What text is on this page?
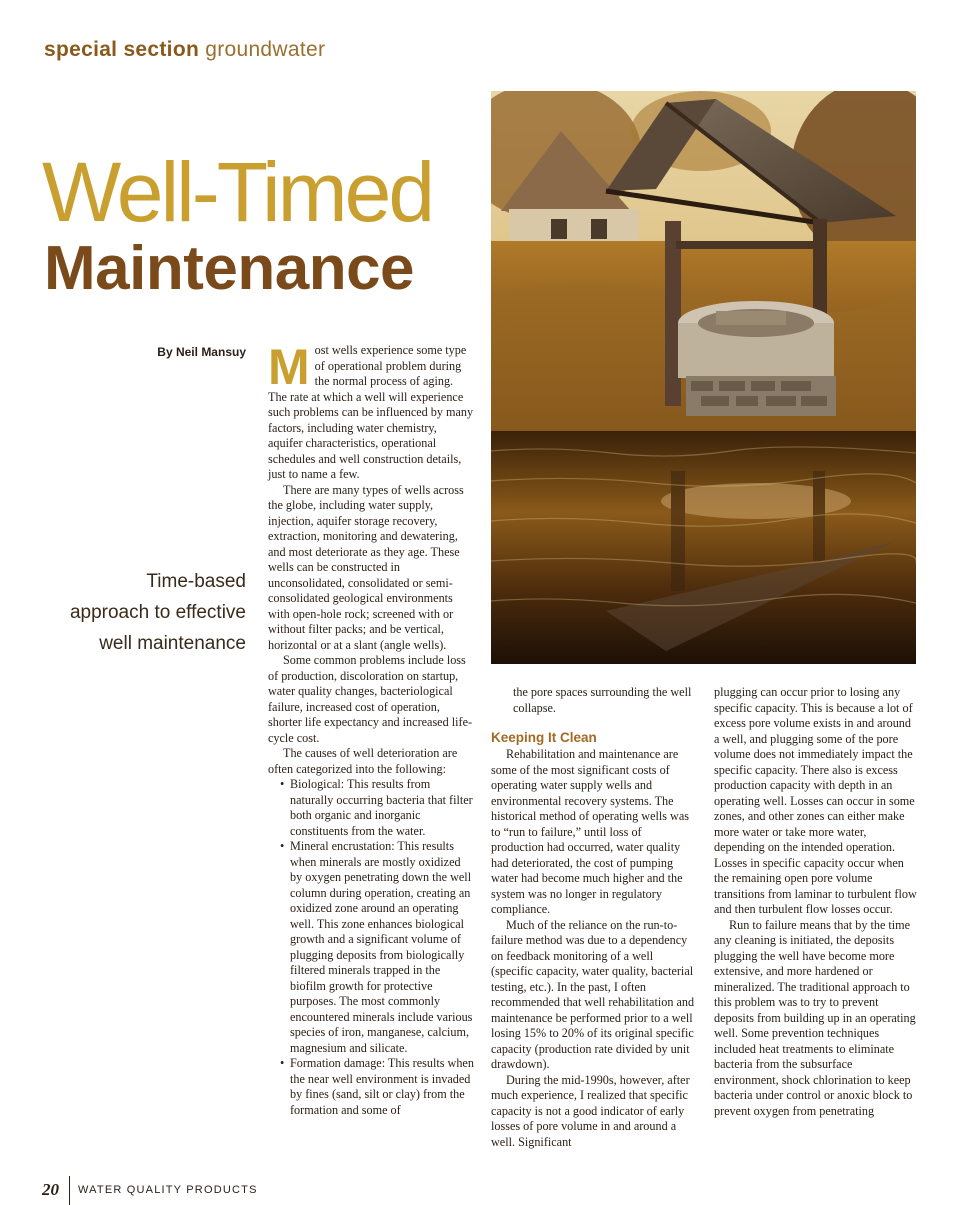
special section groundwater
Well-Timed
Maintenance
By Neil Mansuy
Time-based
approach to effective
well maintenance

Most wells experience some type of operational problem during the normal process of aging. The rate at which a well will experience such problems can be influenced by many factors, including water chemistry, aquifer characteristics, operational schedules and well construction details, just to name a few.

There are many types of wells across the globe, including water supply, injection, aquifer storage recovery, extraction, monitoring and dewatering, and most deteriorate as they age. These wells can be constructed in unconsolidated, consolidated or semi-consolidated geological environments with open-hole rock; screened with or without filter packs; and be vertical, horizontal or at a slant (angle wells).

Some common problems include loss of production, discoloration on startup, water quality changes, bacteriological failure, increased cost of operation, shorter life expectancy and increased life-cycle cost.

The causes of well deterioration are often categorized into the following:

• Biological: This results from naturally occurring bacteria that filter both organic and inorganic constituents from the water.
• Mineral encrustation: This results when minerals are mostly oxidized by oxygen penetrating down the well column during operation, creating an oxidized zone around an operating well. This zone enhances biological growth and a significant volume of plugging deposits from biologically filtered minerals trapped in the biofilm growth for protective purposes. The most commonly encountered minerals include various species of iron, manganese, calcium, magnesium and silicate.
• Formation damage: This results when the near well environment is invaded by fines (sand, silt or clay) from the formation and some of
the pore spaces surrounding the well collapse.
Keeping It Clean

Rehabilitation and maintenance are some of the most significant costs of operating water supply wells and environmental recovery systems. The historical method of operating wells was to “run to failure,” until loss of production had occurred, water quality had deteriorated, the cost of pumping water had become much higher and the system was no longer in regulatory compliance.

Much of the reliance on the run-to-failure method was due to a dependency on feedback monitoring of a well (specific capacity, water quality, bacterial testing, etc.). In the past, I often recommended that well rehabilitation and maintenance be performed prior to a well losing 15% to 20% of its original specific capacity (production rate divided by unit drawdown).

During the mid-1990s, however, after much experience, I realized that specific capacity is not a good indicator of early losses of pore volume in and around a well. Significant

plugging can occur prior to losing any specific capacity. This is because a lot of excess pore volume exists in and around a well, and plugging some of the pore volume does not immediately impact the specific capacity. There also is excess production capacity with depth in an operating well. Losses can occur in some zones, and other zones can either make more water or take more water, depending on the intended operation. Losses in specific capacity occur when the remaining open pore volume transitions from laminar to turbulent flow and then turbulent flow losses occur.

Run to failure means that by the time any cleaning is initiated, the deposits plugging the well have become more extensive, and more hardened or mineralized. The traditional approach to this problem was to try to prevent deposits from building up in an operating well. Some prevention techniques included heat treatments to eliminate bacteria from the subsurface environment, shock chlorination to keep bacteria under control or anoxic block to prevent oxygen from penetrating

20	WATER QUALITY PRODUCTS
